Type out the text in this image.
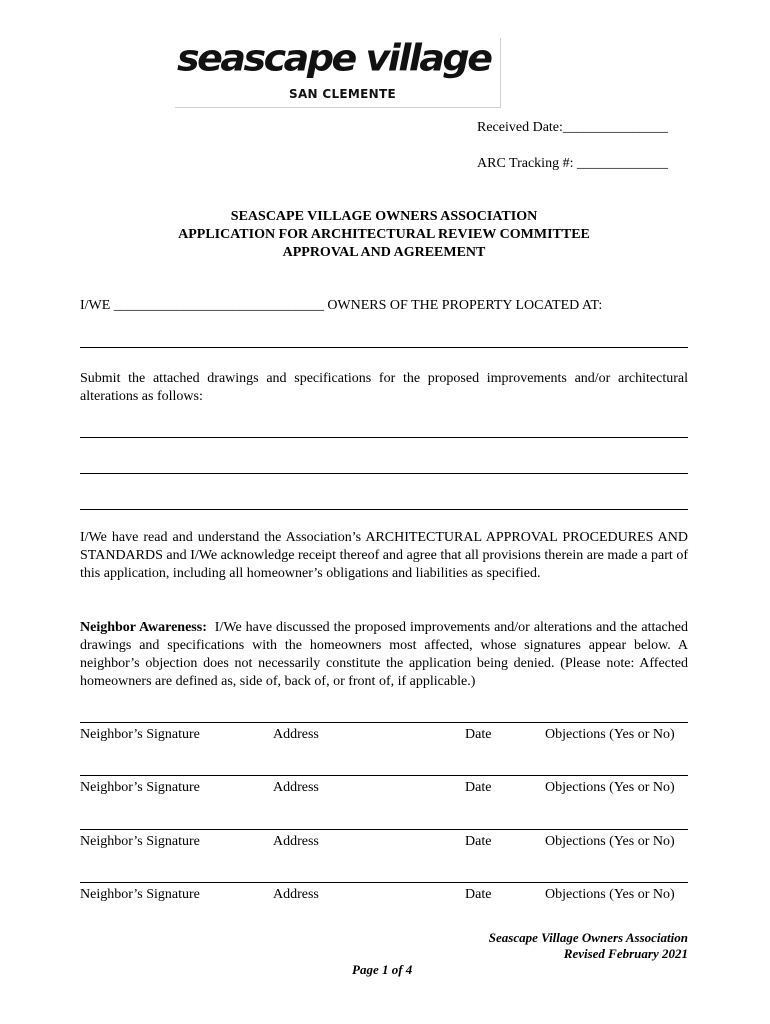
seascape village
SAN CLEMENTE
Received Date:_______________
ARC Tracking #: _____________
SEASCAPE VILLAGE OWNERS ASSOCIATION
APPLICATION FOR ARCHITECTURAL REVIEW COMMITTEE
APPROVAL AND AGREEMENT
I/WE ______________________________ OWNERS OF THE PROPERTY LOCATED AT:
Submit the attached drawings and specifications for the proposed improvements and/or architectural alterations as follows:
I/We have read and understand the Association’s ARCHITECTURAL APPROVAL PROCEDURES AND STANDARDS and I/We acknowledge receipt thereof and agree that all provisions therein are made a part of this application, including all homeowner’s obligations and liabilities as specified.
Neighbor Awareness: I/We have discussed the proposed improvements and/or alterations and the attached drawings and specifications with the homeowners most affected, whose signatures appear below. A neighbor’s objection does not necessarily constitute the application being denied. (Please note: Affected homeowners are defined as, side of, back of, or front of, if applicable.)
Neighbor’s Signature	Address	Date	Objections (Yes or No)
Neighbor’s Signature	Address	Date	Objections (Yes or No)
Neighbor’s Signature	Address	Date	Objections (Yes or No)
Neighbor’s Signature	Address	Date	Objections (Yes or No)
Seascape Village Owners Association
Revised February 2021
Page 1 of 4
